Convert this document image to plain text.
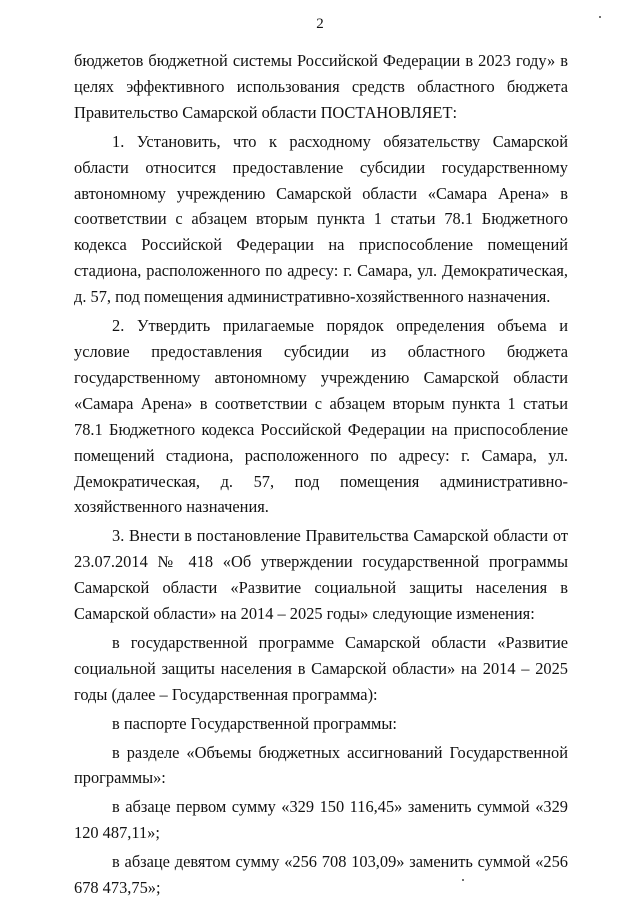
2

бюджетов бюджетной системы Российской Федерации в 2023 году» в целях эффективного использования средств областного бюджета Правительство Самарской области ПОСТАНОВЛЯЕТ:

1. Установить, что к расходному обязательству Самарской области относится предоставление субсидии государственному автономному учреждению Самарской области «Самара Арена» в соответствии с абзацем вторым пункта 1 статьи 78.1 Бюджетного кодекса Российской Федерации на приспособление помещений стадиона, расположенного по адресу: г. Самара, ул. Демократическая, д. 57, под помещения административно-хозяйственного назначения.

2. Утвердить прилагаемые порядок определения объема и условие предоставления субсидии из областного бюджета государственному автономному учреждению Самарской области «Самара Арена» в соответствии с абзацем вторым пункта 1 статьи 78.1 Бюджетного кодекса Российской Федерации на приспособление помещений стадиона, расположенного по адресу: г. Самара, ул. Демократическая, д. 57, под помещения административно-хозяйственного назначения.

3. Внести в постановление Правительства Самарской области от 23.07.2014 № 418 «Об утверждении государственной программы Самарской области «Развитие социальной защиты населения в Самарской области» на 2014 – 2025 годы» следующие изменения:

в государственной программе Самарской области «Развитие социальной защиты населения в Самарской области» на 2014 – 2025 годы (далее – Государственная программа):

в паспорте Государственной программы:

в разделе «Объемы бюджетных ассигнований Государственной программы»:

в абзаце первом сумму «329 150 116,45» заменить суммой «329 120 487,11»;

в абзаце девятом сумму «256 708 103,09» заменить суммой «256 678 473,75»;
